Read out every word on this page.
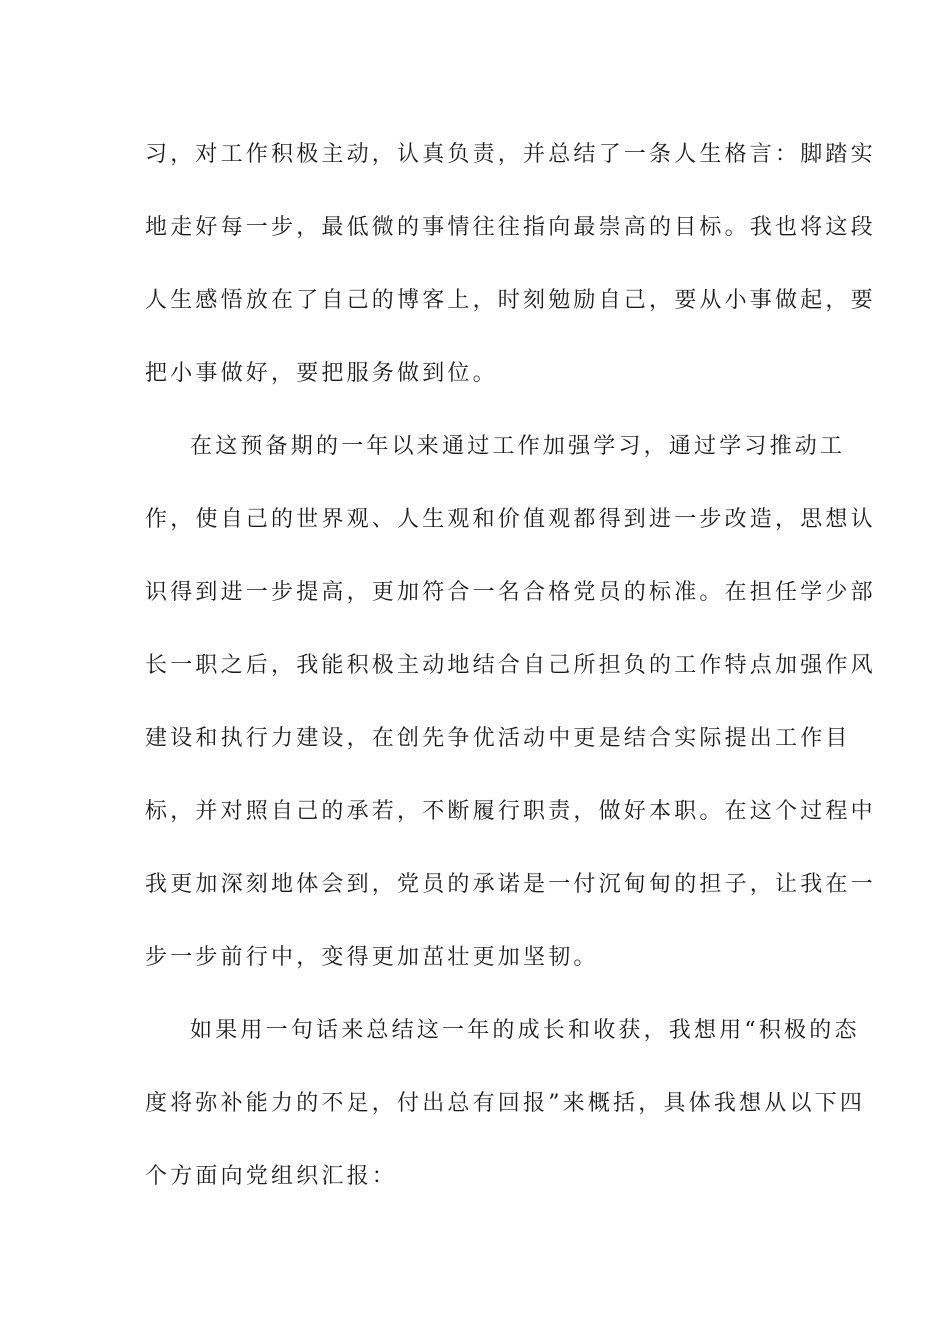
习，对工作积极主动，认真负责，并总结了一条人生格言：脚踏实
地走好每一步，最低微的事情往往指向最崇高的目标。我也将这段
人生感悟放在了自己的博客上，时刻勉励自己，要从小事做起，要
把小事做好，要把服务做到位。
在这预备期的一年以来通过工作加强学习，通过学习推动工
作，使自己的世界观、人生观和价值观都得到进一步改造，思想认
识得到进一步提高，更加符合一名合格党员的标准。在担任学少部
长一职之后，我能积极主动地结合自己所担负的工作特点加强作风
建设和执行力建设，在创先争优活动中更是结合实际提出工作目
标，并对照自己的承若，不断履行职责，做好本职。在这个过程中
我更加深刻地体会到，党员的承诺是一付沉甸甸的担子，让我在一
步一步前行中，变得更加茁壮更加坚韧。
如果用一句话来总结这一年的成长和收获，我想用“积极的态
度将弥补能力的不足，付出总有回报”来概括，具体我想从以下四
个方面向党组织汇报：
